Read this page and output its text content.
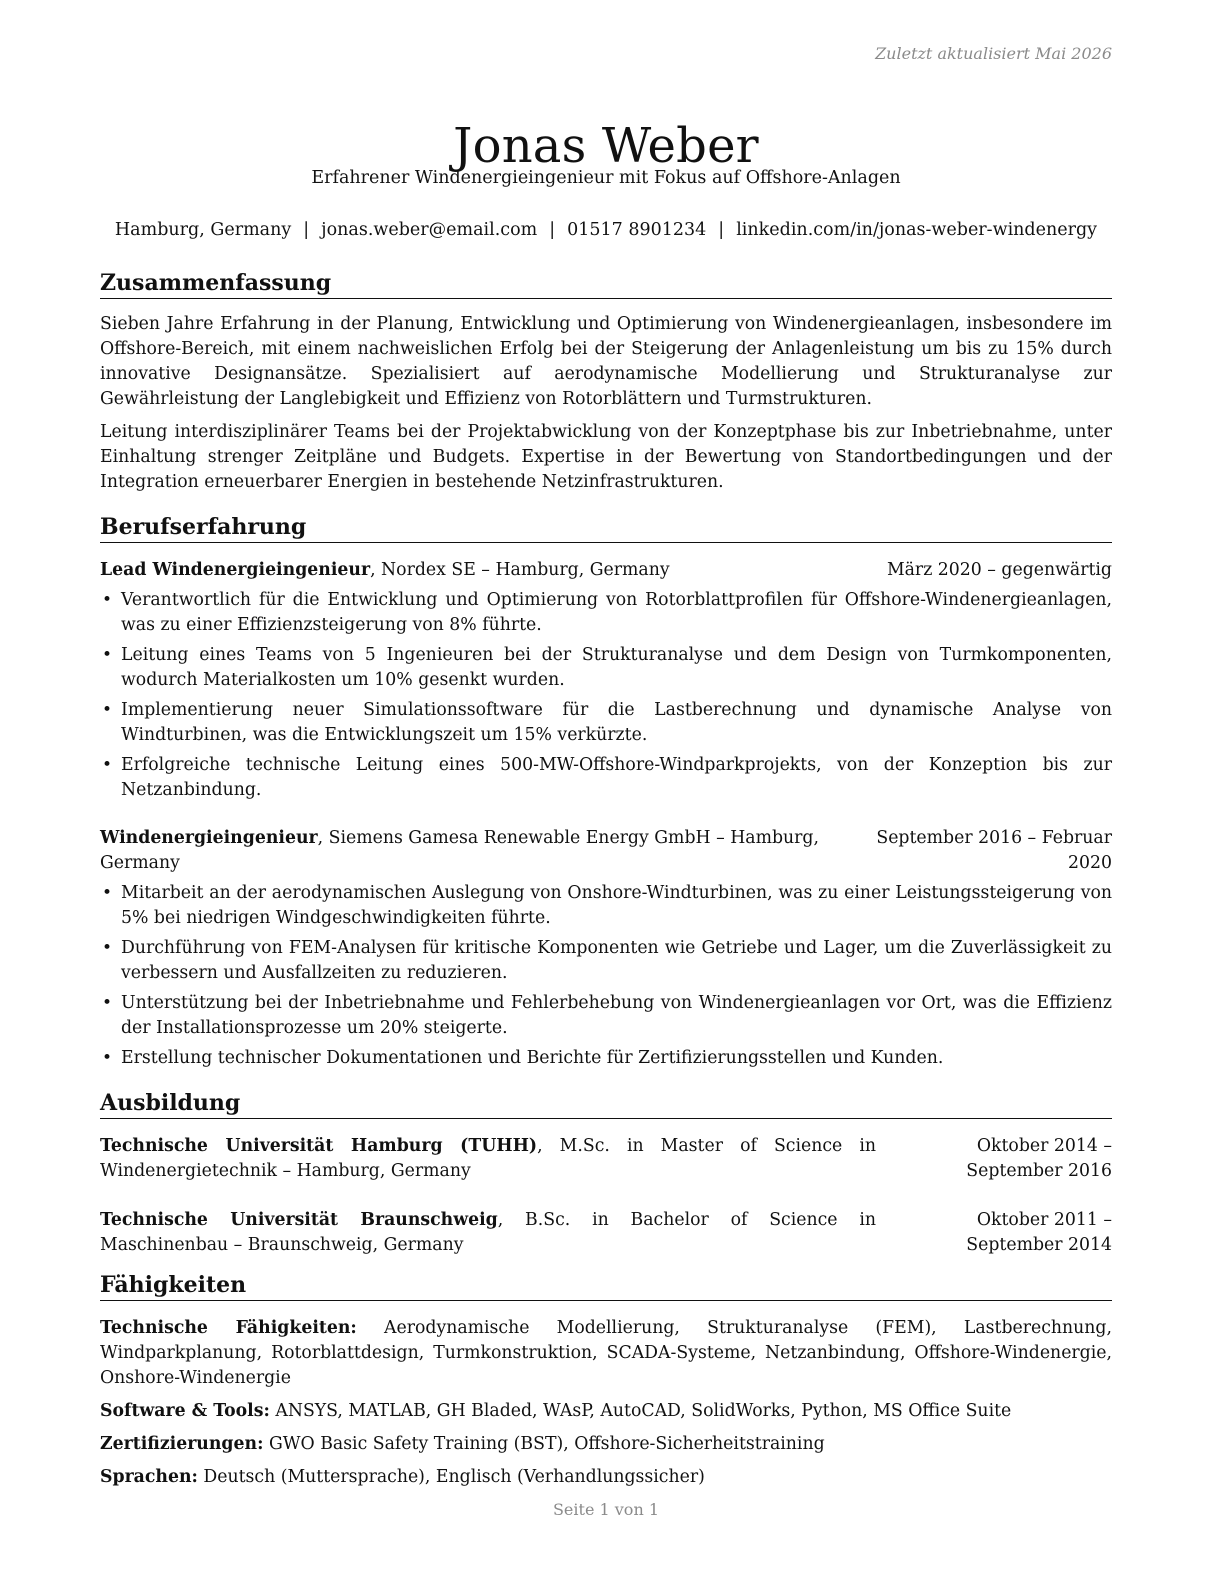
Zuletzt aktualisiert Mai 2026
Jonas Weber
Erfahrener Windenergieingenieur mit Fokus auf Offshore-Anlagen
Hamburg, Germany | jonas.weber@email.com | 01517 8901234 | linkedin.com/in/jonas-weber-windenergy
Zusammenfassung

Sieben Jahre Erfahrung in der Planung, Entwicklung und Optimierung von Windenergieanlagen, insbesondere im Offshore-Bereich, mit einem nachweislichen Erfolg bei der Steigerung der Anlagenleistung um bis zu 15% durch innovative Designansätze. Spezialisiert auf aerodynamische Modellierung und Strukturanalyse zur Gewährleistung der Langlebigkeit und Effizienz von Rotorblättern und Turmstrukturen.

Leitung interdisziplinärer Teams bei der Projektabwicklung von der Konzeptphase bis zur Inbetriebnahme, unter Einhaltung strenger Zeitpläne und Budgets. Expertise in der Bewertung von Standortbedingungen und der Integration erneuerbarer Energien in bestehende Netzinfrastrukturen.

Berufserfahrung
Lead Windenergieingenieur, Nordex SE – Hamburg, Germany	März 2020 – gegenwärtig
• Verantwortlich für die Entwicklung und Optimierung von Rotorblattprofilen für Offshore-Windenergieanlagen, was zu einer Effizienzsteigerung von 8% führte.
• Leitung eines Teams von 5 Ingenieuren bei der Strukturanalyse und dem Design von Turmkomponenten, wodurch Materialkosten um 10% gesenkt wurden.
• Implementierung neuer Simulationssoftware für die Lastberechnung und dynamische Analyse von Windturbinen, was die Entwicklungszeit um 15% verkürzte.
• Erfolgreiche technische Leitung eines 500-MW-Offshore-Windparkprojekts, von der Konzeption bis zur Netzanbindung.
Windenergieingenieur, Siemens Gamesa Renewable Energy GmbH – Hamburg, Germany
September 2016 – Februar 2020
• Mitarbeit an der aerodynamischen Auslegung von Onshore-Windturbinen, was zu einer Leistungssteigerung von 5% bei niedrigen Windgeschwindigkeiten führte.
• Durchführung von FEM-Analysen für kritische Komponenten wie Getriebe und Lager, um die Zuverlässigkeit zu verbessern und Ausfallzeiten zu reduzieren.
• Unterstützung bei der Inbetriebnahme und Fehlerbehebung von Windenergieanlagen vor Ort, was die Effizienz der Installationsprozesse um 20% steigerte.
• Erstellung technischer Dokumentationen und Berichte für Zertifizierungsstellen und Kunden.
Ausbildung
Technische Universität Hamburg (TUHH), M.Sc. in Master of Science in Windenergietechnik – Hamburg, Germany
Oktober 2014 – September 2016
Technische Universität Braunschweig, B.Sc. in Bachelor of Science in Maschinenbau – Braunschweig, Germany
Oktober 2011 – September 2014
Fähigkeiten

Technische Fähigkeiten: Aerodynamische Modellierung, Strukturanalyse (FEM), Lastberechnung, Windparkplanung, Rotorblattdesign, Turmkonstruktion, SCADA-Systeme, Netzanbindung, Offshore-Windenergie, Onshore-Windenergie

Software & Tools: ANSYS, MATLAB, GH Bladed, WAsP, AutoCAD, SolidWorks, Python, MS Office Suite

Zertifizierungen: GWO Basic Safety Training (BST), Offshore-Sicherheitstraining

Sprachen: Deutsch (Muttersprache), Englisch (Verhandlungssicher)

Seite 1 von 1
